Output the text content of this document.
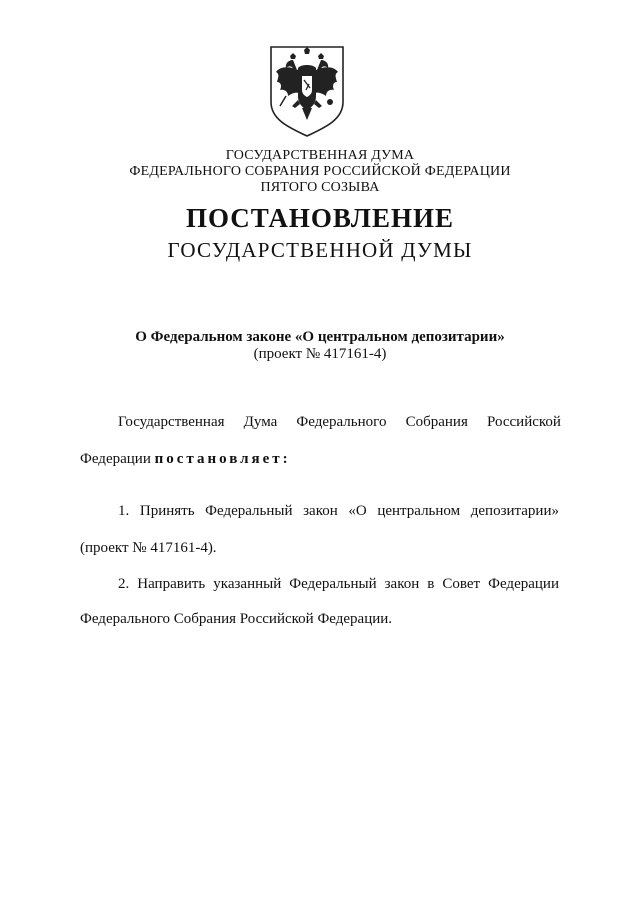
ГОСУДАРСТВЕННАЯ ДУМА
ФЕДЕРАЛЬНОГО СОБРАНИЯ РОССИЙСКОЙ ФЕДЕРАЦИИ
ПЯТОГО СОЗЫВА
ПОСТАНОВЛЕНИЕ
ГОСУДАРСТВЕННОЙ ДУМЫ
О Федеральном законе «О центральном депозитарии»
(проект № 417161-4)
Государственная Дума Федерального Собрания Российской
Федерации постановляет:
1. Принять Федеральный закон «О центральном депозитарии»
(проект № 417161-4).
2. Направить указанный Федеральный закон в Совет Федерации
Федерального Собрания Российской Федерации.
